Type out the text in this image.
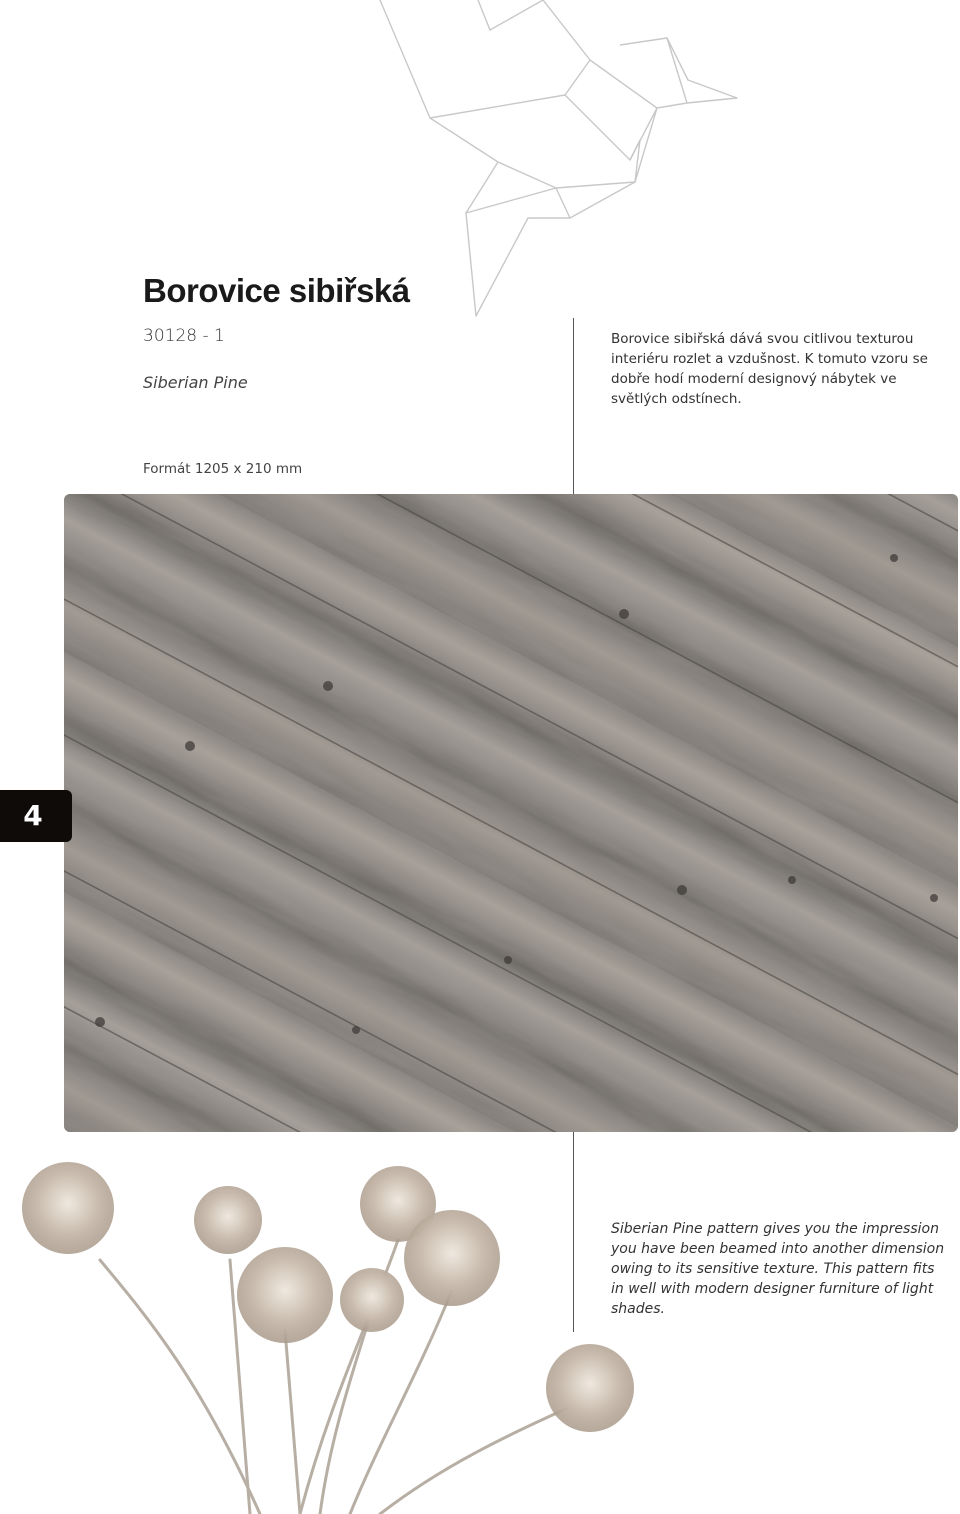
Borovice sibiřská
30128 - 1
Siberian Pine

Borovice sibiřská dává svou citlivou texturou interiéru rozlet a vzdušnost. K tomuto vzoru se dobře hodí moderní designový nábytek ve světlých odstínech.

Formát 1205 x 210 mm
4

Siberian Pine pattern gives you the impression you have been beamed into another dimension owing to its sensitive texture. This pattern fits in well with modern designer furniture of light shades.
